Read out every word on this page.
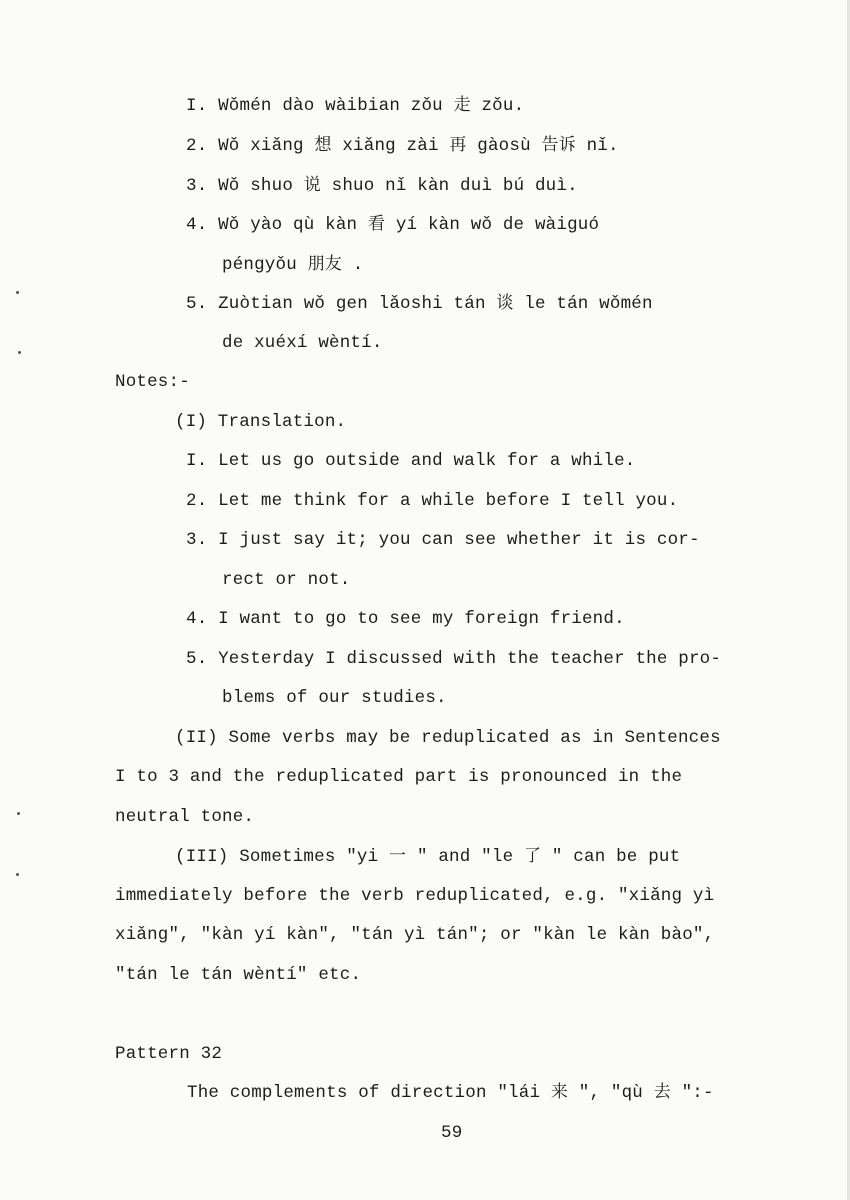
I. Wǒmén dào wàibian zǒu 走 zǒu.
2. Wǒ xiǎng 想 xiǎng zài 再 gàosù 告诉 nǐ.
3. Wǒ shuo 说 shuo nǐ kàn duì bú duì.
4. Wǒ yào qù kàn 看 yí kàn wǒ de wàiguó
péngyǒu 朋友 .
5. Zuòtian wǒ gen lǎoshi tán 谈 le tán wǒmén
de xuéxí wèntí.
Notes:-
(I) Translation.
I. Let us go outside and walk for a while.
2. Let me think for a while before I tell you.
3. I just say it; you can see whether it is cor-
rect or not.
4. I want to go to see my foreign friend.
5. Yesterday I discussed with the teacher the pro-
blems of our studies.
(II) Some verbs may be reduplicated as in Sentences
I to 3 and the reduplicated part is pronounced in the
neutral tone.
(III) Sometimes "yi 一 " and "le 了 " can be put
immediately before the verb reduplicated, e.g. "xiǎng yì
xiǎng", "kàn yí kàn", "tán yì tán"; or "kàn le kàn bào",
"tán le tán wèntí" etc.
Pattern 32
The complements of direction "lái 来 ", "qù 去 ":-
59
